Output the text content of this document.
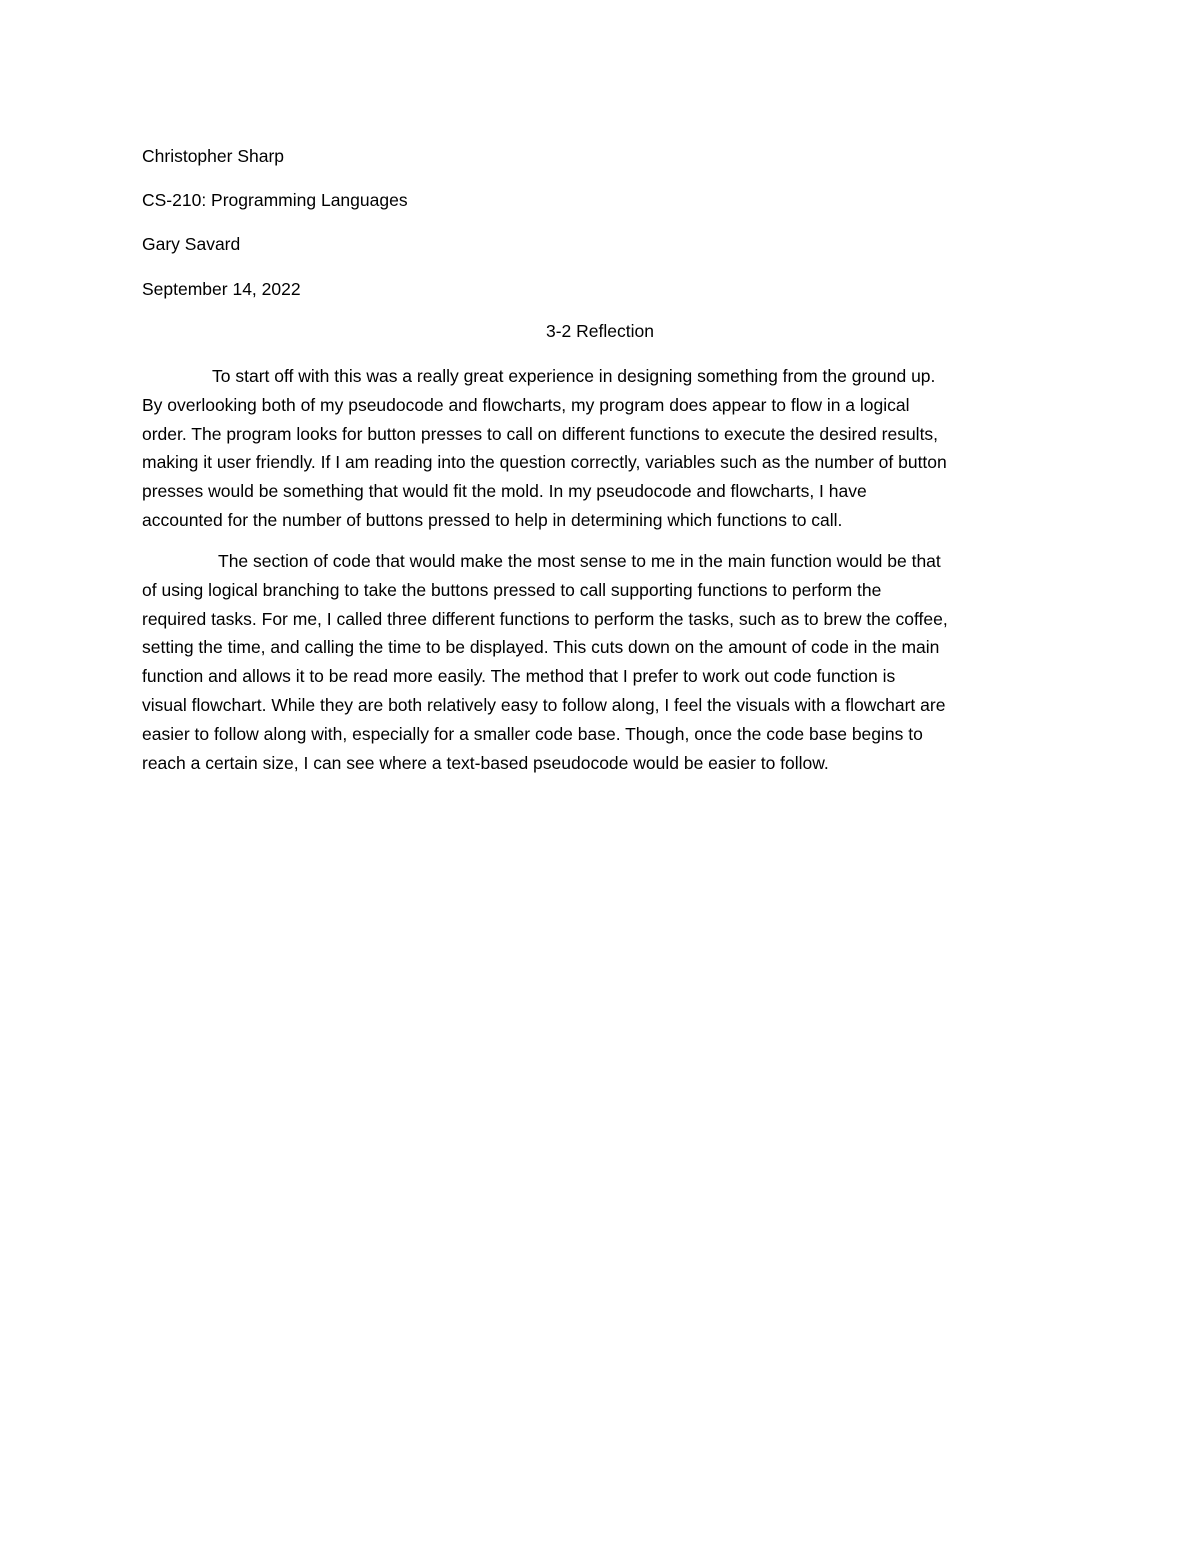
Christopher Sharp
CS-210: Programming Languages
Gary Savard
September 14, 2022
3-2 Reflection
To start off with this was a really great experience in designing something from the ground up.
By overlooking both of my pseudocode and flowcharts, my program does appear to flow in a logical
order. The program looks for button presses to call on different functions to execute the desired results,
making it user friendly. If I am reading into the question correctly, variables such as the number of button
presses would be something that would fit the mold. In my pseudocode and flowcharts, I have
accounted for the number of buttons pressed to help in determining which functions to call.
The section of code that would make the most sense to me in the main function would be that
of using logical branching to take the buttons pressed to call supporting functions to perform the
required tasks. For me, I called three different functions to perform the tasks, such as to brew the coffee,
setting the time, and calling the time to be displayed. This cuts down on the amount of code in the main
function and allows it to be read more easily. The method that I prefer to work out code function is
visual flowchart. While they are both relatively easy to follow along, I feel the visuals with a flowchart are
easier to follow along with, especially for a smaller code base. Though, once the code base begins to
reach a certain size, I can see where a text-based pseudocode would be easier to follow.
